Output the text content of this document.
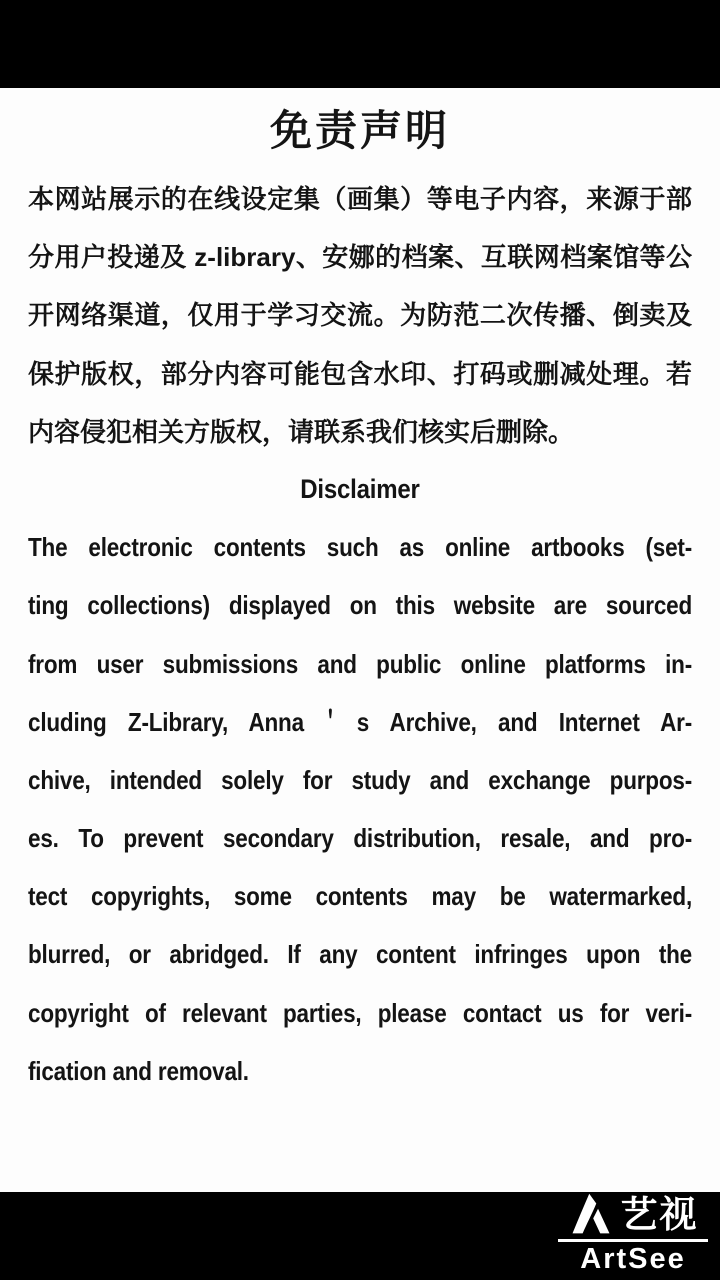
免责声明
本网站展示的在线设定集（画集）等电子内容，来源于部
分用户投递及 z-library、安娜的档案、互联网档案馆等公
开网络渠道，仅用于学习交流。为防范二次传播、倒卖及
保护版权，部分内容可能包含水印、打码或删减处理。若
内容侵犯相关方版权，请联系我们核实后删除。
Disclaimer
The electronic contents such as online artbooks (set-
ting collections) displayed on this website are sourced
from user submissions and public online platforms in-
cluding Z-Library, Anna＇s Archive, and Internet Ar-
chive, intended solely for study and exchange purpos-
es. To prevent secondary distribution, resale, and pro-
tect copyrights, some contents may be watermarked,
blurred, or abridged. If any content infringes upon the
copyright of relevant parties, please contact us for veri-
fication and removal.
艺视
ArtSee
